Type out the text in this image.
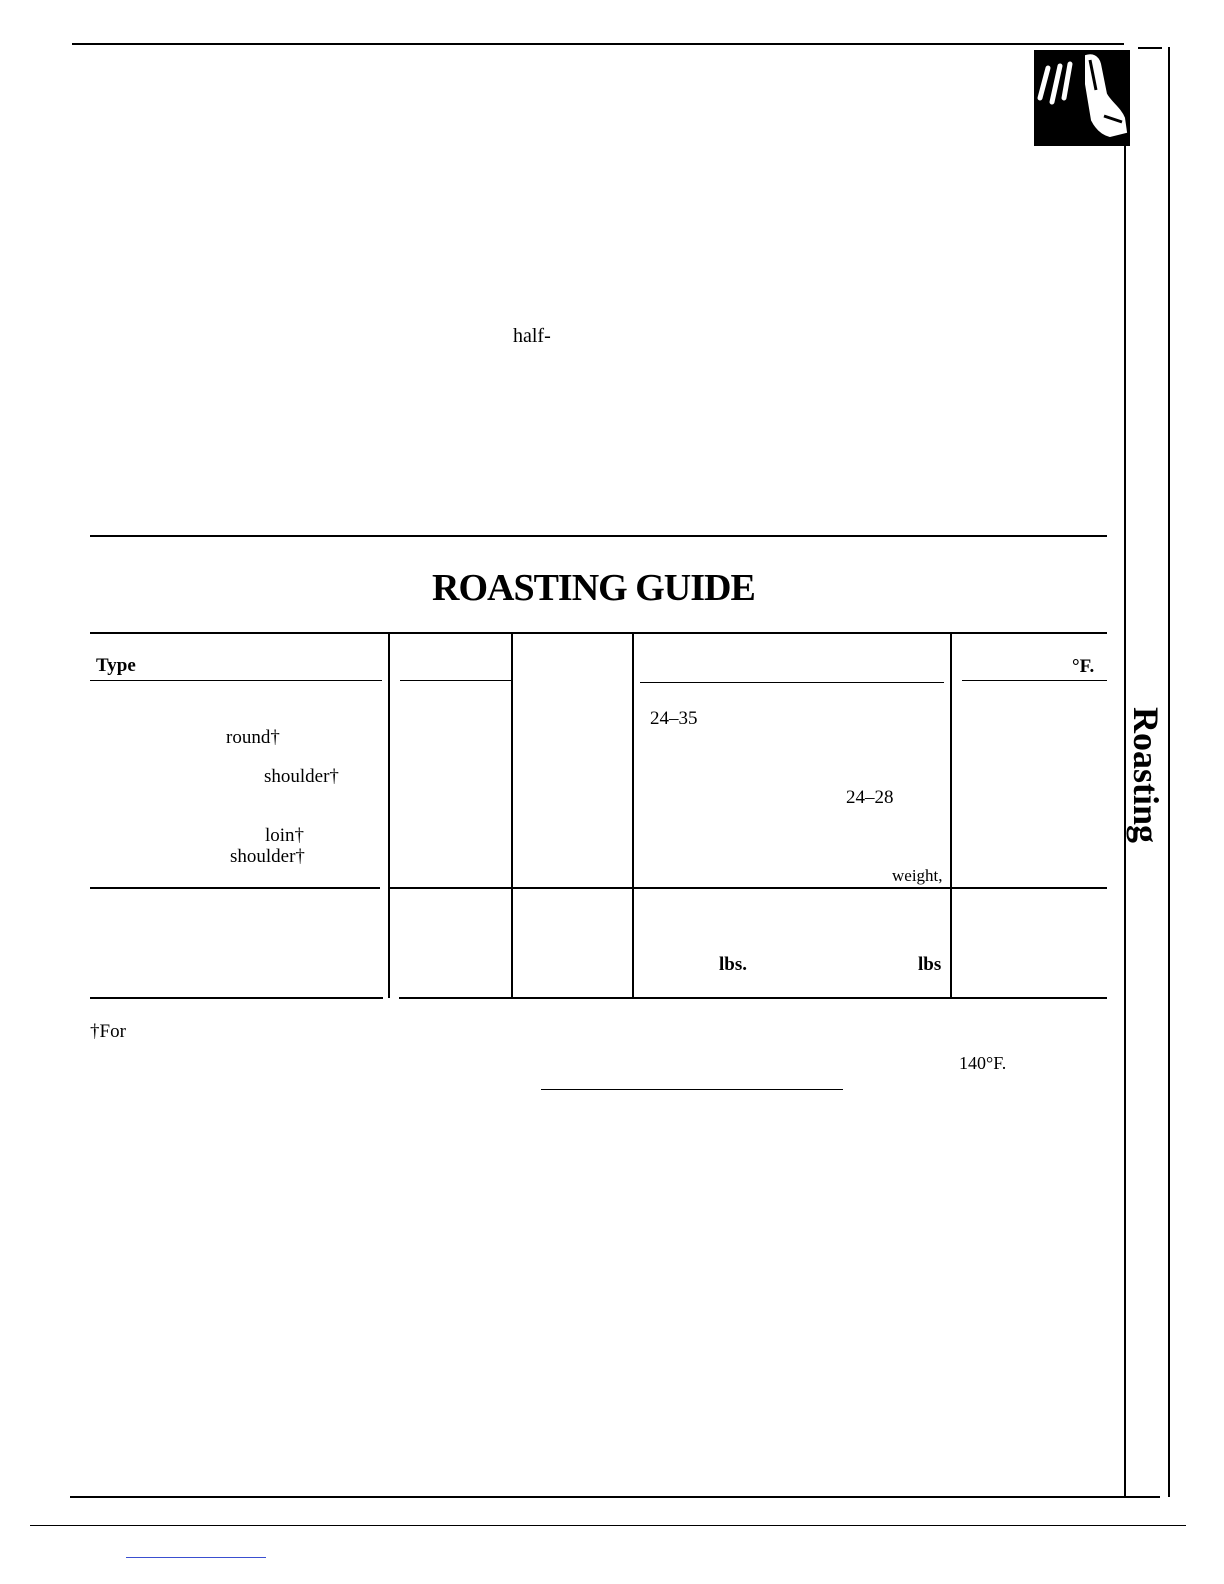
Roasting
half-
ROASTING GUIDE
Type	°F.
round†
shoulder†
loin†
shoulder†
24–35
24–28
weight,
lbs.	lbs
†For
140°F.
